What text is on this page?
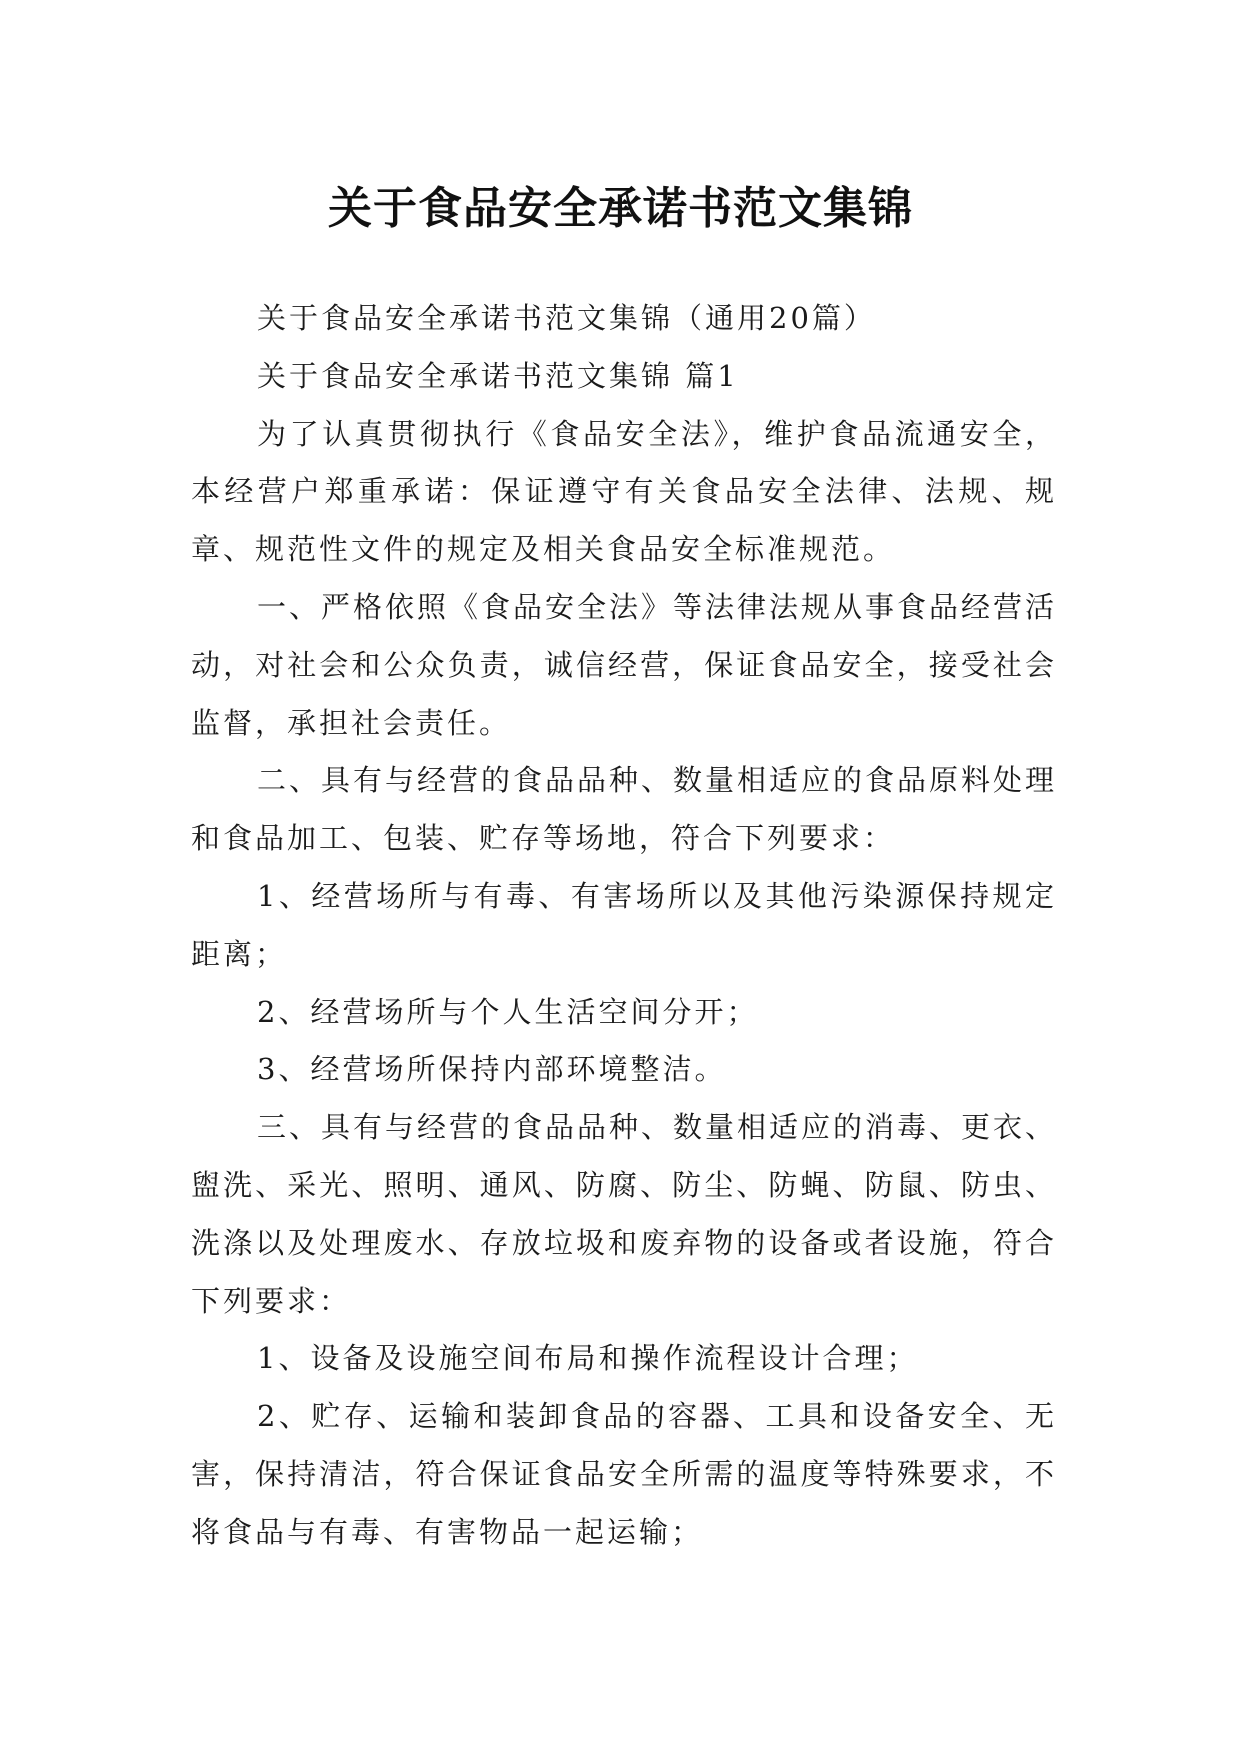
关于食品安全承诺书范文集锦

关于食品安全承诺书范文集锦（通用20篇）

关于食品安全承诺书范文集锦 篇1

为了认真贯彻执行《食品安全法》，维护食品流通安全，本经营户郑重承诺：保证遵守有关食品安全法律、法规、规章、规范性文件的规定及相关食品安全标准规范。

一、严格依照《食品安全法》等法律法规从事食品经营活动，对社会和公众负责，诚信经营，保证食品安全，接受社会监督，承担社会责任。

二、具有与经营的食品品种、数量相适应的食品原料处理和食品加工、包装、贮存等场地，符合下列要求：

1、经营场所与有毒、有害场所以及其他污染源保持规定距离；

2、经营场所与个人生活空间分开；

3、经营场所保持内部环境整洁。

三、具有与经营的食品品种、数量相适应的消毒、更衣、盥洗、采光、照明、通风、防腐、防尘、防蝇、防鼠、防虫、洗涤以及处理废水、存放垃圾和废弃物的设备或者设施，符合下列要求：

1、设备及设施空间布局和操作流程设计合理；

2、贮存、运输和装卸食品的容器、工具和设备安全、无害，保持清洁，符合保证食品安全所需的温度等特殊要求，不将食品与有毒、有害物品一起运输；
